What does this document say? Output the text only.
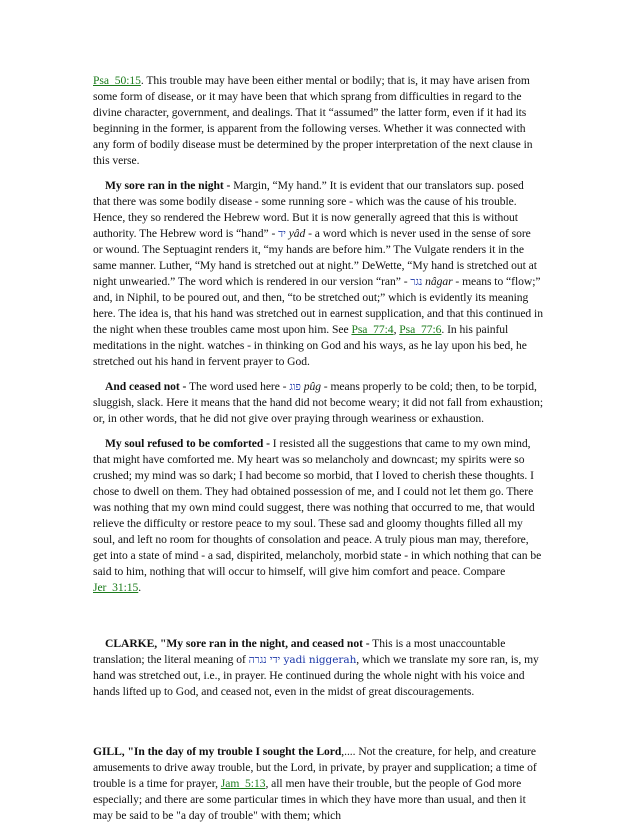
Psa_50:15. This trouble may have been either mental or bodily; that is, it may have arisen from some form of disease, or it may have been that which sprang from difficulties in regard to the divine character, government, and dealings. That it “assumed” the latter form, even if it had its beginning in the former, is apparent from the following verses. Whether it was connected with any form of bodily disease must be determined by the proper interpretation of the next clause in this verse.

My sore ran in the night - Margin, “My hand.” It is evident that our translators sup. posed that there was some bodily disease - some running sore - which was the cause of his trouble. Hence, they so rendered the Hebrew word. But it is now generally agreed that this is without authority. The Hebrew word is “hand” - יד yâd - a word which is never used in the sense of sore or wound. The Septuagint renders it, “my hands are before him.” The Vulgate renders it in the same manner. Luther, “My hand is stretched out at night.” DeWette, “My hand is stretched out at night unwearied.” The word which is rendered in our version “ran” - נגר nâgar - means to “flow;” and, in Niphil, to be poured out, and then, “to be stretched out;” which is evidently its meaning here. The idea is, that his hand was stretched out in earnest supplication, and that this continued in the night when these troubles came most upon him. See Psa_77:4, Psa_77:6. In his painful meditations in the night. watches - in thinking on God and his ways, as he lay upon his bed, he stretched out his hand in fervent prayer to God.

And ceased not - The word used here - פוג pûg - means properly to be cold; then, to be torpid, sluggish, slack. Here it means that the hand did not become weary; it did not fall from exhaustion; or, in other words, that he did not give over praying through weariness or exhaustion.

My soul refused to be comforted - I resisted all the suggestions that came to my own mind, that might have comforted me. My heart was so melancholy and downcast; my spirits were so crushed; my mind was so dark; I had become so morbid, that I loved to cherish these thoughts. I chose to dwell on them. They had obtained possession of me, and I could not let them go. There was nothing that my own mind could suggest, there was nothing that occurred to me, that would relieve the difficulty or restore peace to my soul. These sad and gloomy thoughts filled all my soul, and left no room for thoughts of consolation and peace. A truly pious man may, therefore, get into a state of mind - a sad, dispirited, melancholy, morbid state - in which nothing that can be said to him, nothing that will occur to himself, will give him comfort and peace. Compare Jer_31:15.

CLARKE, "My sore ran in the night, and ceased not - This is a most unaccountable translation; the literal meaning of ידי נגרה yadi niggerah, which we translate my sore ran, is, my hand was stretched out, i.e., in prayer. He continued during the whole night with his voice and hands lifted up to God, and ceased not, even in the midst of great discouragements.

GILL, "In the day of my trouble I sought the Lord,.... Not the creature, for help, and creature amusements to drive away trouble, but the Lord, in private, by prayer and supplication; a time of trouble is a time for prayer, Jam_5:13, all men have their trouble, but the people of God more especially; and there are some particular times in which they have more than usual, and then it may be said to be "a day of trouble" with them; which
